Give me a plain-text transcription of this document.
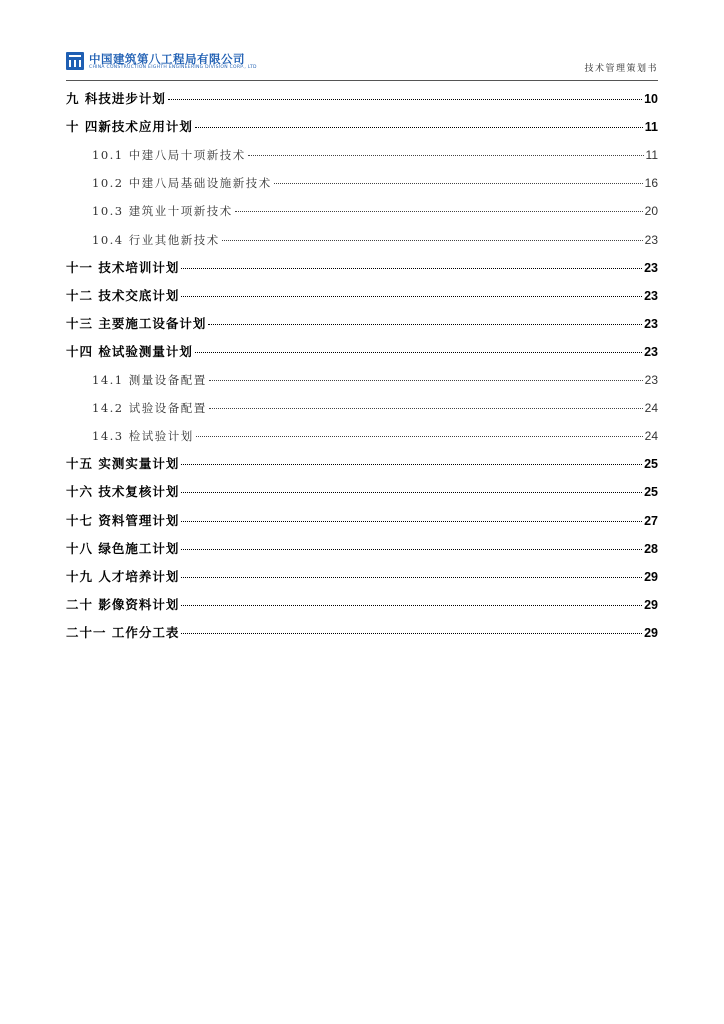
中国建筑第八工程局有限公司
CHINA CONSTRUCTION EIGHTH ENGINEERING DIVISION CORP., LTD	技术管理策划书
九 科技进步计划	10
十 四新技术应用计划	11
10.1 中建八局十项新技术	11
10.2 中建八局基础设施新技术	16
10.3 建筑业十项新技术	20
10.4 行业其他新技术	23
十一 技术培训计划	23
十二 技术交底计划	23
十三 主要施工设备计划	23
十四 检试验测量计划	23
14.1 测量设备配置	23
14.2 试验设备配置	24
14.3 检试验计划	24
十五 实测实量计划	25
十六 技术复核计划	25
十七 资料管理计划	27
十八 绿色施工计划	28
十九 人才培养计划	29
二十 影像资料计划	29
二十一 工作分工表	29
